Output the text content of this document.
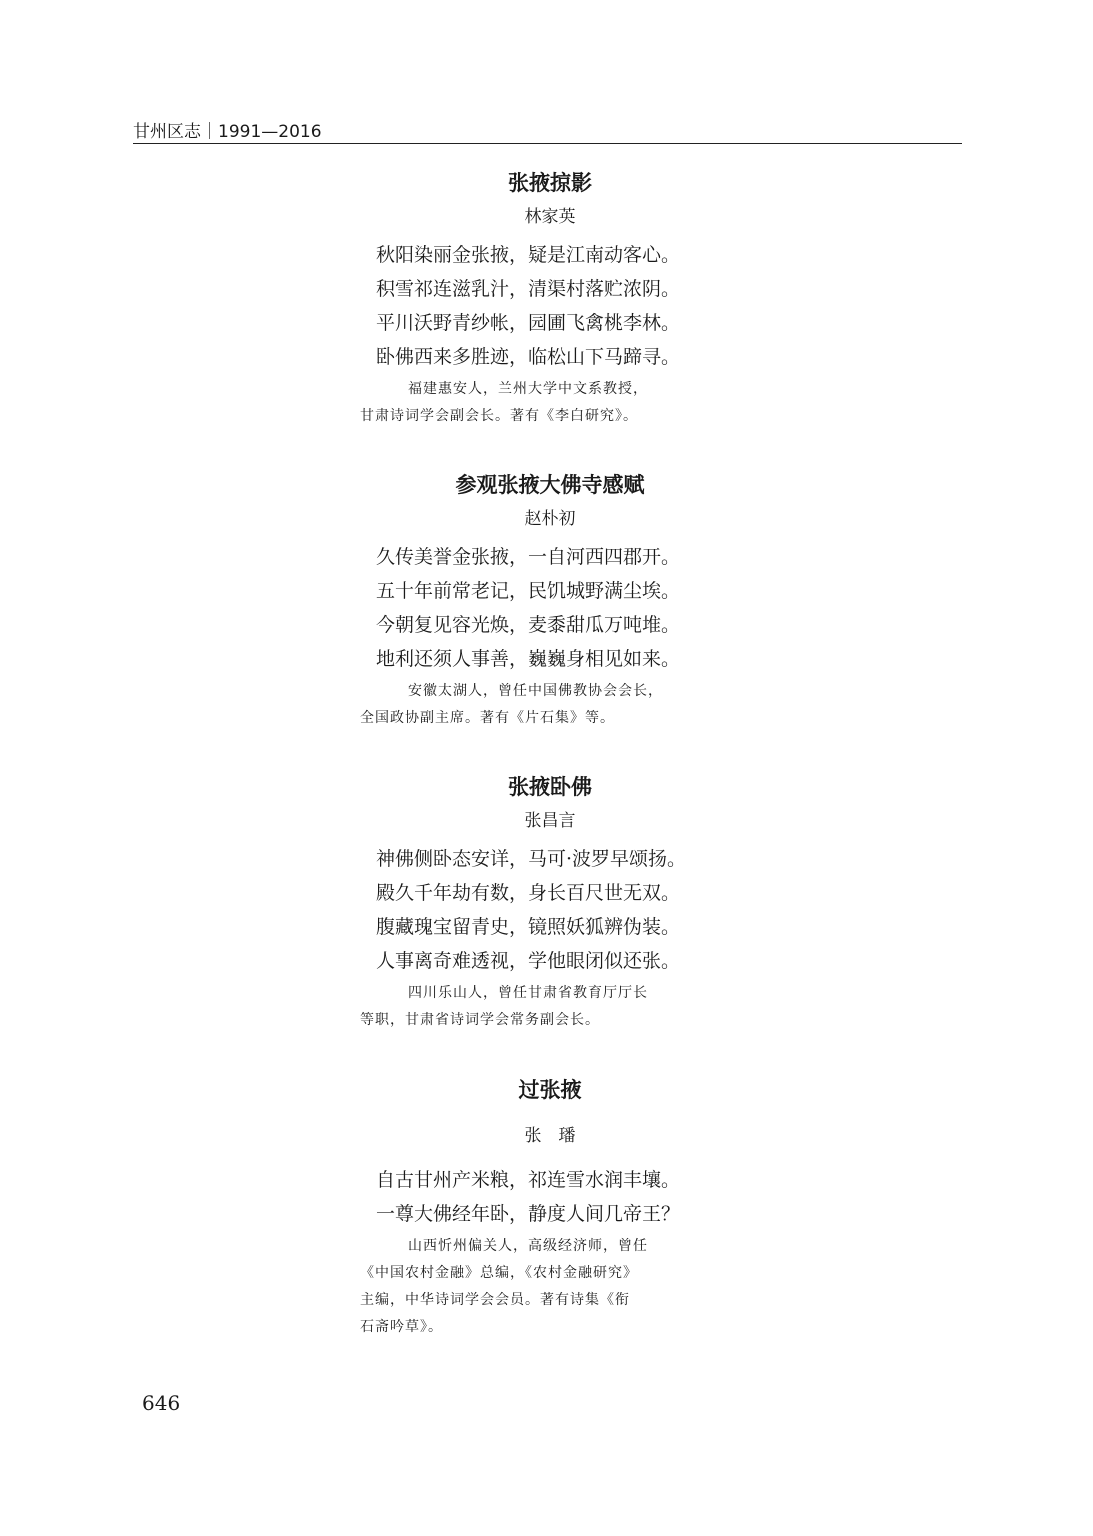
甘州区志｜1991—2016
张掖掠影
林家英
秋阳染丽金张掖，疑是江南动客心。
积雪祁连滋乳汁，清渠村落贮浓阴。
平川沃野青纱帐，园圃飞禽桃李林。
卧佛西来多胜迹，临松山下马蹄寻。

福建惠安人，兰州大学中文系教授，

甘肃诗词学会副会长。著有《李白研究》。

参观张掖大佛寺感赋
赵朴初
久传美誉金张掖，一自河西四郡开。
五十年前常老记，民饥城野满尘埃。
今朝复见容光焕，麦黍甜瓜万吨堆。
地利还须人事善，巍巍身相见如来。

安徽太湖人，曾任中国佛教协会会长，

全国政协副主席。著有《片石集》等。

张掖卧佛
张昌言
神佛侧卧态安详，马可·波罗早颂扬。
殿久千年劫有数，身长百尺世无双。
腹藏瑰宝留青史，镜照妖狐辨伪装。
人事离奇难透视，学他眼闭似还张。

四川乐山人，曾任甘肃省教育厅厅长

等职，甘肃省诗词学会常务副会长。

过张掖
张　璠
自古甘州产米粮，祁连雪水润丰壤。
一尊大佛经年卧，静度人间几帝王？

山西忻州偏关人，高级经济师，曾任

《中国农村金融》总编，《农村金融研究》

主编，中华诗词学会会员。著有诗集《衔

石斋吟草》。

646
